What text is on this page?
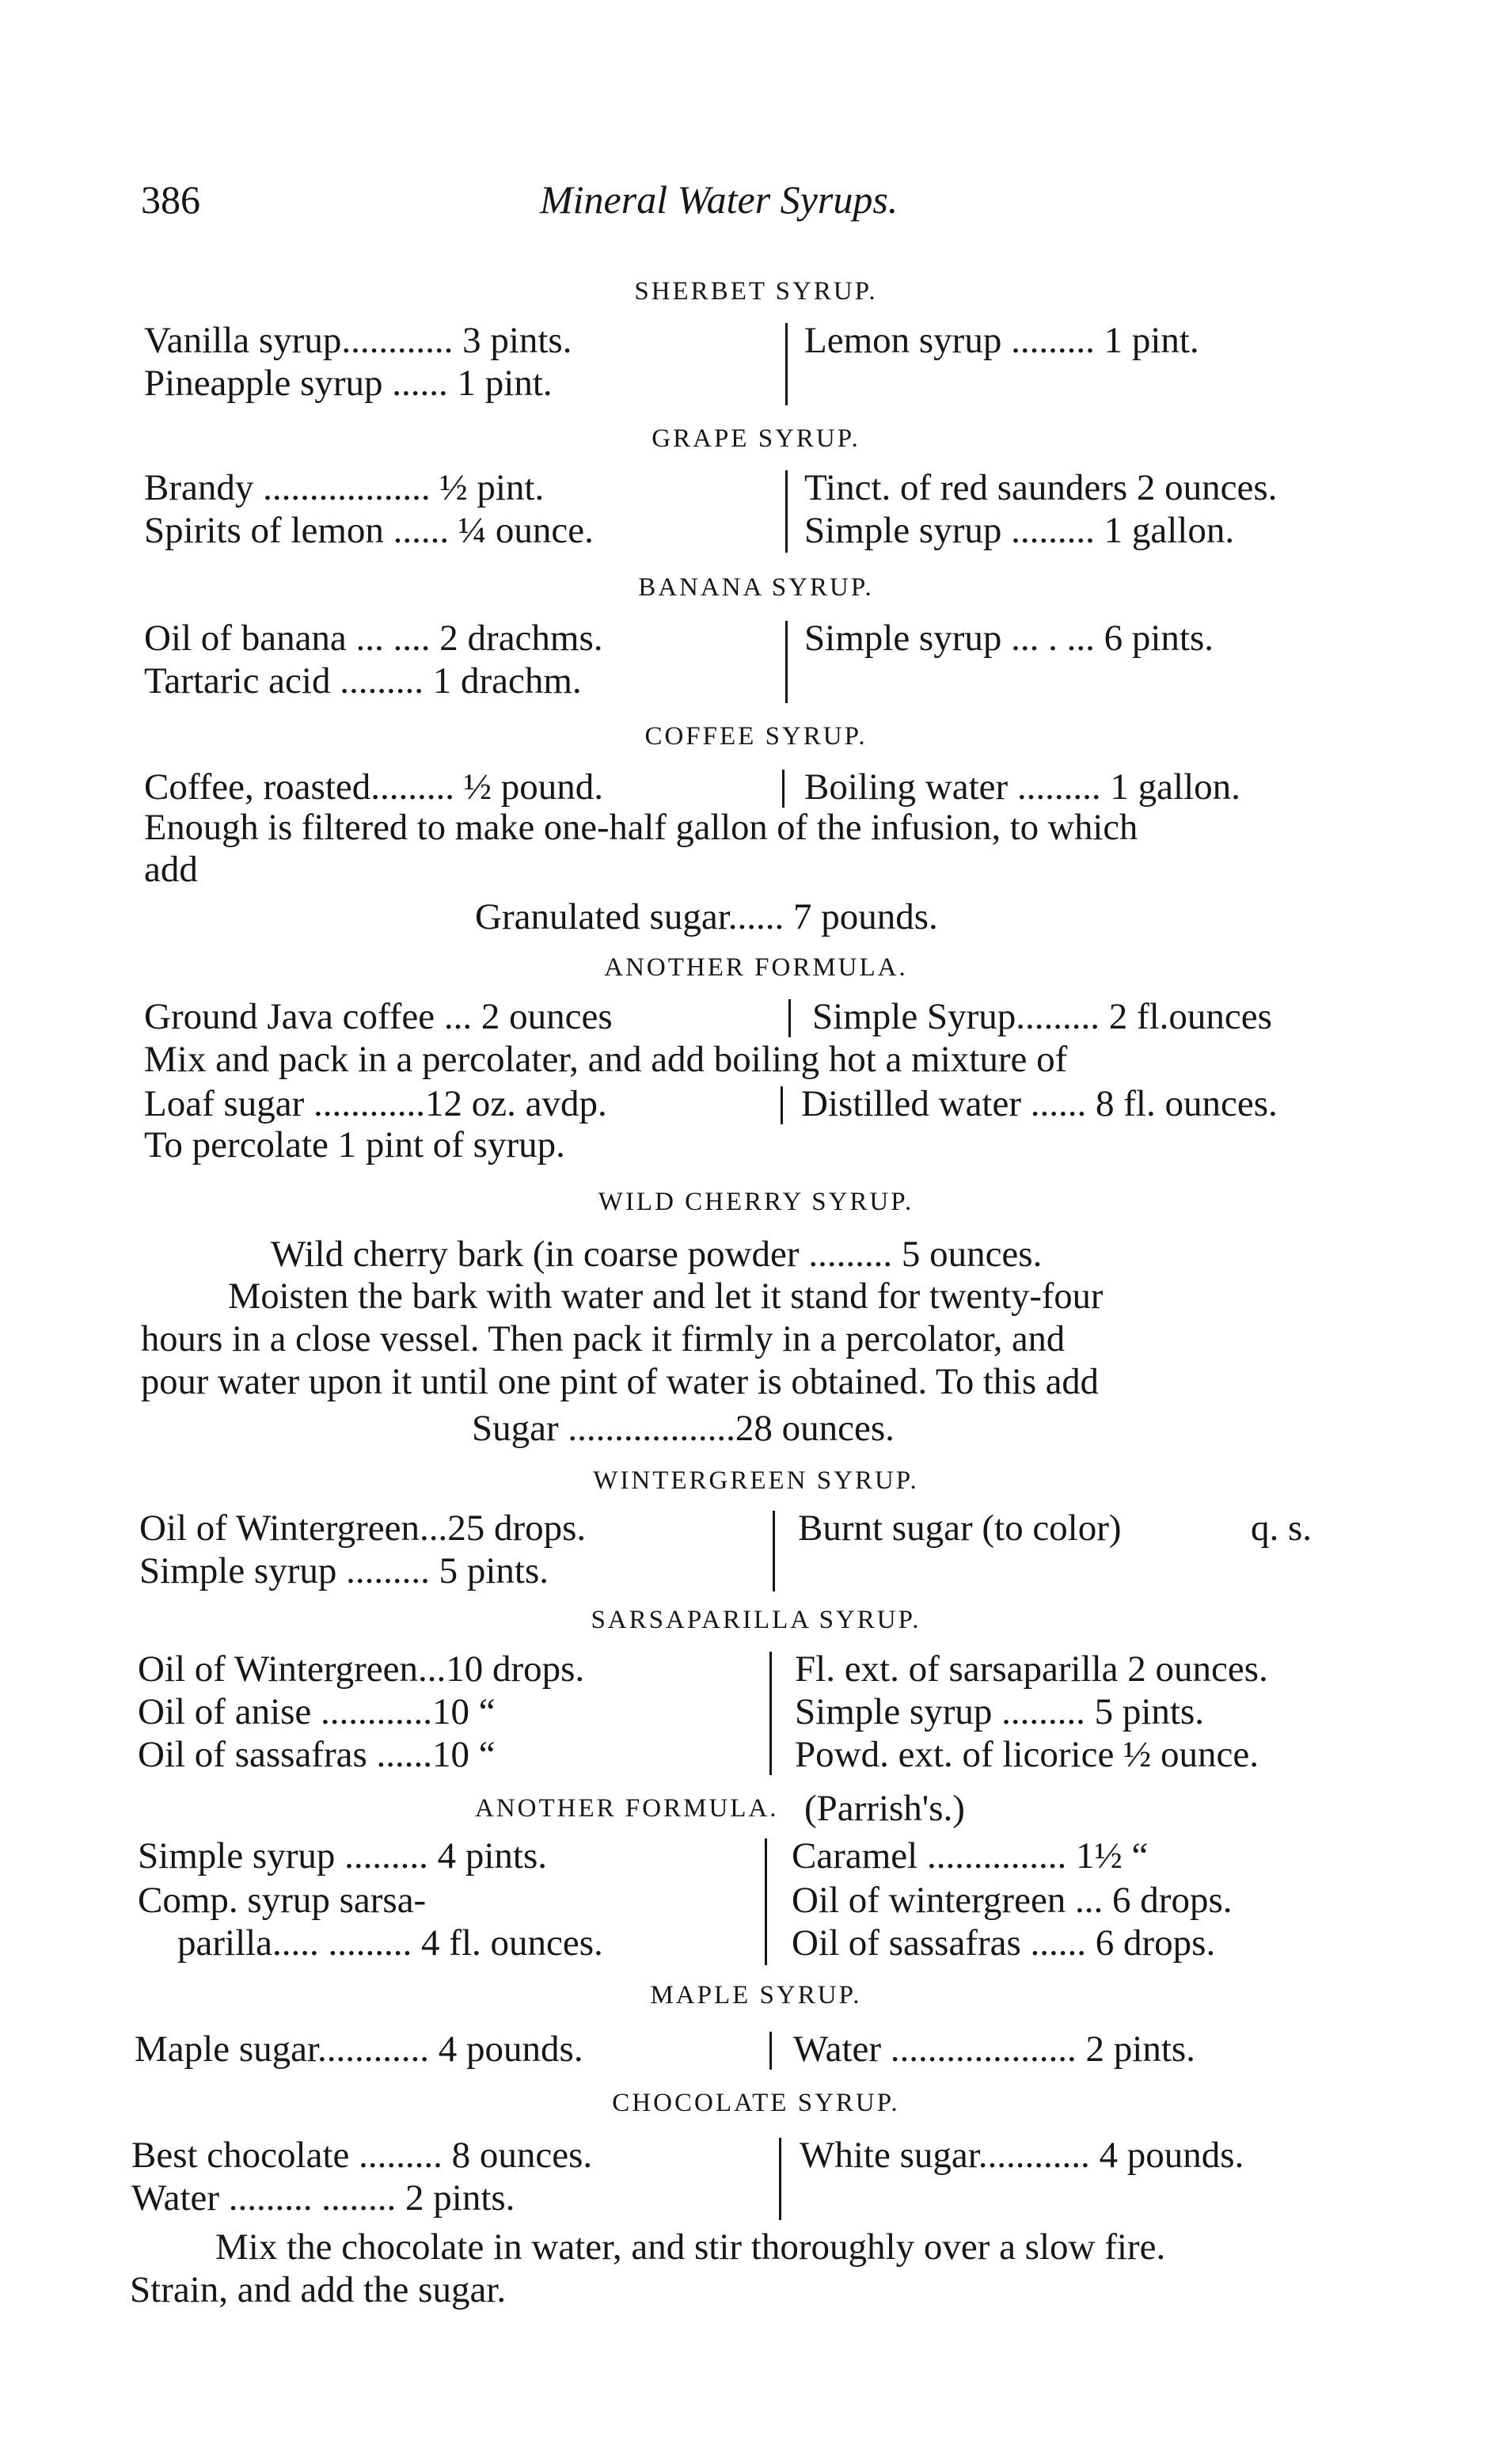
386	Mineral Water Syrups.
SHERBET SYRUP.
Vanilla syrup............ 3 pints.	Lemon syrup ......... 1 pint.
Pineapple syrup ...... 1 pint.
GRAPE SYRUP.
Brandy .................. ½ pint.	Tinct. of red saunders 2 ounces.
Spirits of lemon ...... ¼ ounce.	Simple syrup ......... 1 gallon.
BANANA SYRUP.
Oil of banana ... .... 2 drachms.	Simple syrup ... . ... 6 pints.
Tartaric acid ......... 1 drachm.
COFFEE SYRUP.
Coffee, roasted......... ½ pound.	Boiling water ......... 1 gallon.
Enough is filtered to make one-half gallon of the infusion, to which
add
Granulated sugar...... 7 pounds.
ANOTHER FORMULA.
Ground Java coffee ... 2 ounces	Simple Syrup......... 2 fl.ounces
Mix and pack in a percolater, and add boiling hot a mixture of
Loaf sugar ............12 oz. avdp.	Distilled water ...... 8 fl. ounces.
To percolate 1 pint of syrup.
WILD CHERRY SYRUP.
Wild cherry bark (in coarse powder ......... 5 ounces.
Moisten the bark with water and let it stand for twenty-four
hours in a close vessel. Then pack it firmly in a percolator, and
pour water upon it until one pint of water is obtained. To this add
Sugar ..................28 ounces.
WINTERGREEN SYRUP.
Oil of Wintergreen...25 drops.	Burnt sugar (to color)	q. s.
Simple syrup ......... 5 pints.
SARSAPARILLA SYRUP.
Oil of Wintergreen...10 drops.	Fl. ext. of sarsaparilla 2 ounces.
Oil of anise ............10 “	Simple syrup ......... 5 pints.
Oil of sassafras ......10 “	Powd. ext. of licorice ½ ounce.
ANOTHER FORMULA. (Parrish's.)
Simple syrup ......... 4 pints.	Caramel ............... 1½ “
Comp. syrup sarsa-	Oil of wintergreen ... 6 drops.
parilla..... ......... 4 fl. ounces.	Oil of sassafras ...... 6 drops.
MAPLE SYRUP.
Maple sugar............ 4 pounds.	Water .................... 2 pints.
CHOCOLATE SYRUP.
Best chocolate ......... 8 ounces.	White sugar............ 4 pounds.
Water ......... ........ 2 pints.
Mix the chocolate in water, and stir thoroughly over a slow fire.
Strain, and add the sugar.
